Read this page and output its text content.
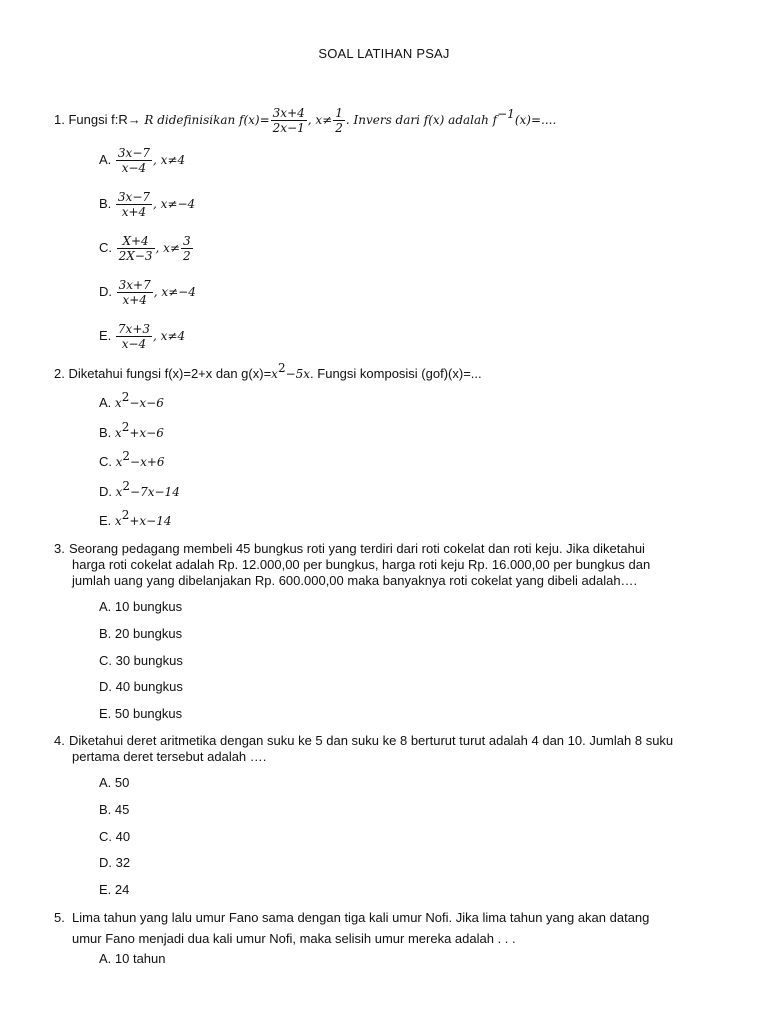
SOAL LATIHAN PSAJ
1. Fungsi f:R→ R didefinisikan $f(x)= \frac{3x+4}{2x-1}$ , $x\ne \frac{1}{2}$ . Invers dari f(x) adalah $f^{-1}(x)=$....
A. $\frac{3x-7}{x-4}$ , x≠4
B. $\frac{3x-7}{x+4}$ , x≠−4
C. $\frac{X+4}{2X-3}$ , $x\ne \frac{3}{2}$
D. $\frac{3x+7}{x+4}$ , x≠−4
E. $\frac{7x+3}{x-4}$ , x≠4
2. Diketahui fungsi f(x)=2+x dan $g(x)=x^2-5x$. Fungsi komposisi (gof)(x)=...
A. $x^2-x-6$
B. $x^2+x-6$
C. $x^2-x+6$
D. $x^2-7x-14$
E. $x^2+x-14$
3. Seorang pedagang membeli 45 bungkus roti yang terdiri dari roti cokelat dan roti keju. Jika diketahui
harga roti cokelat adalah Rp. 12.000,00 per bungkus, harga roti keju Rp. 16.000,00 per bungkus dan
jumlah uang yang dibelanjakan Rp. 600.000,00 maka banyaknya roti cokelat yang dibeli adalah….
A. 10 bungkus
B. 20 bungkus
C. 30 bungkus
D. 40 bungkus
E. 50 bungkus
4. Diketahui deret aritmetika dengan suku ke 5 dan suku ke 8 berturut turut adalah 4 dan 10. Jumlah 8 suku
pertama deret tersebut adalah ….
A. 50
B. 45
C. 40
D. 32
E. 24
5. Lima tahun yang lalu umur Fano sama dengan tiga kali umur Nofi. Jika lima tahun yang akan datang
umur Fano menjadi dua kali umur Nofi, maka selisih umur mereka adalah . . .
A. 10 tahun
